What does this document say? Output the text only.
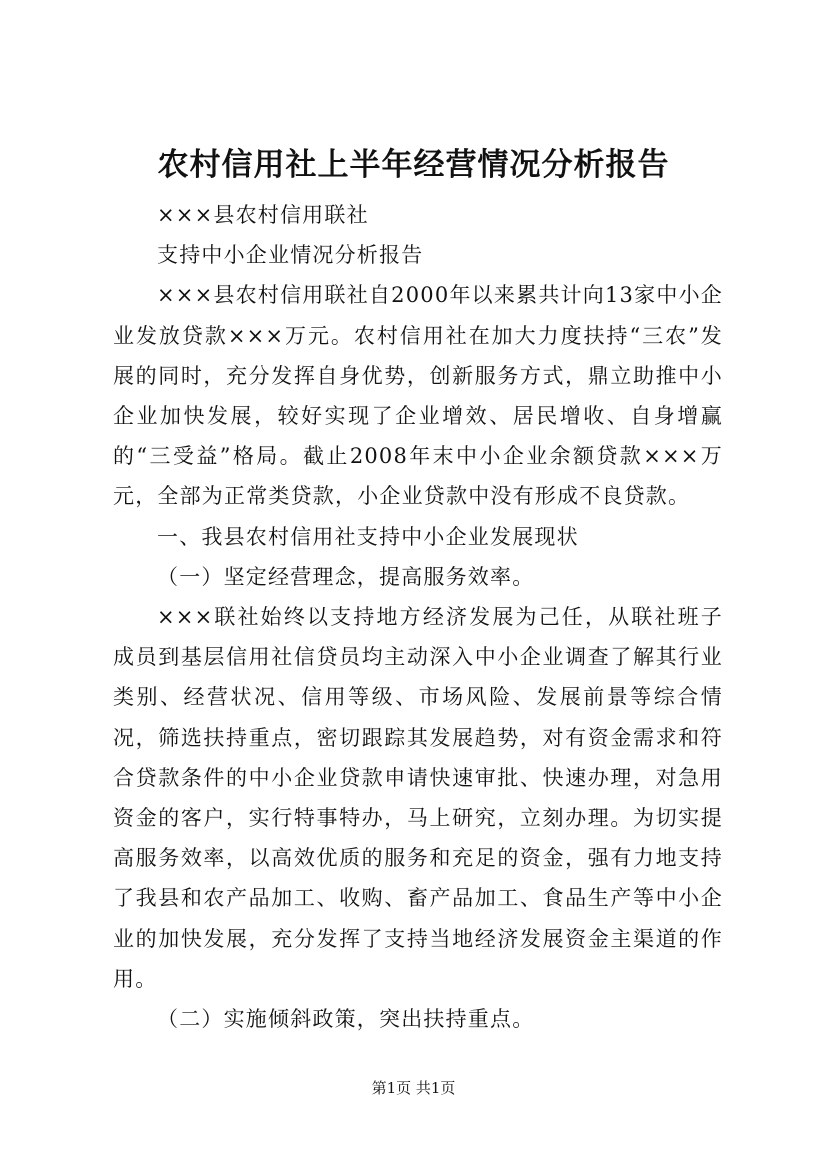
农村信用社上半年经营情况分析报告

×××县农村信用联社

支持中小企业情况分析报告

×××县农村信用联社自2000年以来累共计向13家中小企业发放贷款×××万元。农村信用社在加大力度扶持“三农”发展的同时，充分发挥自身优势，创新服务方式，鼎立助推中小企业加快发展，较好实现了企业增效、居民增收、自身增赢的“三受益”格局。截止2008年末中小企业余额贷款×××万元，全部为正常类贷款，小企业贷款中没有形成不良贷款。

一、我县农村信用社支持中小企业发展现状

（一）坚定经营理念，提高服务效率。

×××联社始终以支持地方经济发展为己任，从联社班子成员到基层信用社信贷员均主动深入中小企业调查了解其行业类别、经营状况、信用等级、市场风险、发展前景等综合情况，筛选扶持重点，密切跟踪其发展趋势，对有资金需求和符合贷款条件的中小企业贷款申请快速审批、快速办理，对急用资金的客户，实行特事特办，马上研究，立刻办理。为切实提高服务效率，以高效优质的服务和充足的资金，强有力地支持了我县和农产品加工、收购、畜产品加工、食品生产等中小企业的加快发展，充分发挥了支持当地经济发展资金主渠道的作用。

（二）实施倾斜政策，突出扶持重点。

第1页 共1页
